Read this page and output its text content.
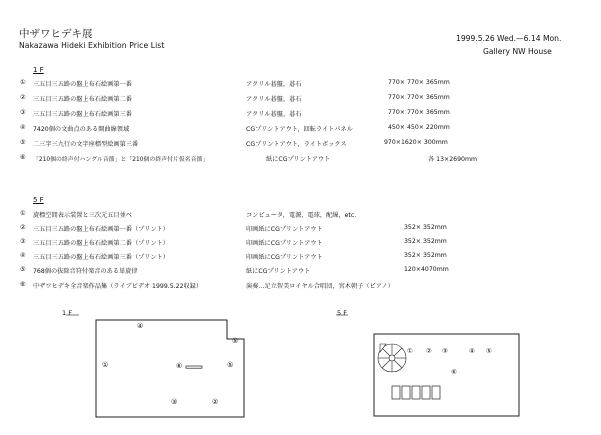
中ザワヒデキ展
Nakazawa Hideki Exhibition Price List
1999.5.26 Wed.—6.14 Mon.
Gallery NW House
1 F
① 三五目三五路の盤上布石絵画第一番	アクリル碁盤，碁石	770× 770× 365mm
② 三五目三五路の盤上布石絵画第二番	アクリル碁盤，碁石	770× 770× 365mm
③ 三五目三五路の盤上布石絵画第三番	アクリル碁盤，碁石	770× 770× 365mm
④ 7420個の文曲点のある開曲線領域	CGプリントアウト，回転ライトパネル	450× 450× 220mm
⑤ 二三字三九行の文字座標型絵画第三番	CGプリントアウト，ライトボックス	970×1620× 300mm
⑥ 「210個の終声付ハングル音節」と「210個の終声付片仮名音節」	紙にCGプリントアウト	各 13×2690mm
5 F
① 旋標空間表示装置と三次元五目並べ	コンピュータ，電源，電球，配線，etc.
② 三五目三五路の盤上布石絵画第一番（プリント）	印画紙にCGプリントアウト	352× 352mm
③ 三五目三五路の盤上布石絵画第二番（プリント）	印画紙にCGプリントアウト	352× 352mm
④ 三五目三五路の盤上布石絵画第三番（プリント）	印画紙にCGプリントアウト	352× 352mm
⑤ 768個の抜除音符付楽音のある単旋律	紙にCGプリントアウト	120×4070mm
⑥ 中ザワヒデキ全音楽作品集（ライブビデオ 1999.5.22収録）	演奏…足立智美ロイヤル合唱団，宮木朝子（ピアノ）
1 F	5 F
④
⑤
①	⑥	⑤
③	②
① ② ③	④ ⑤
⑥
